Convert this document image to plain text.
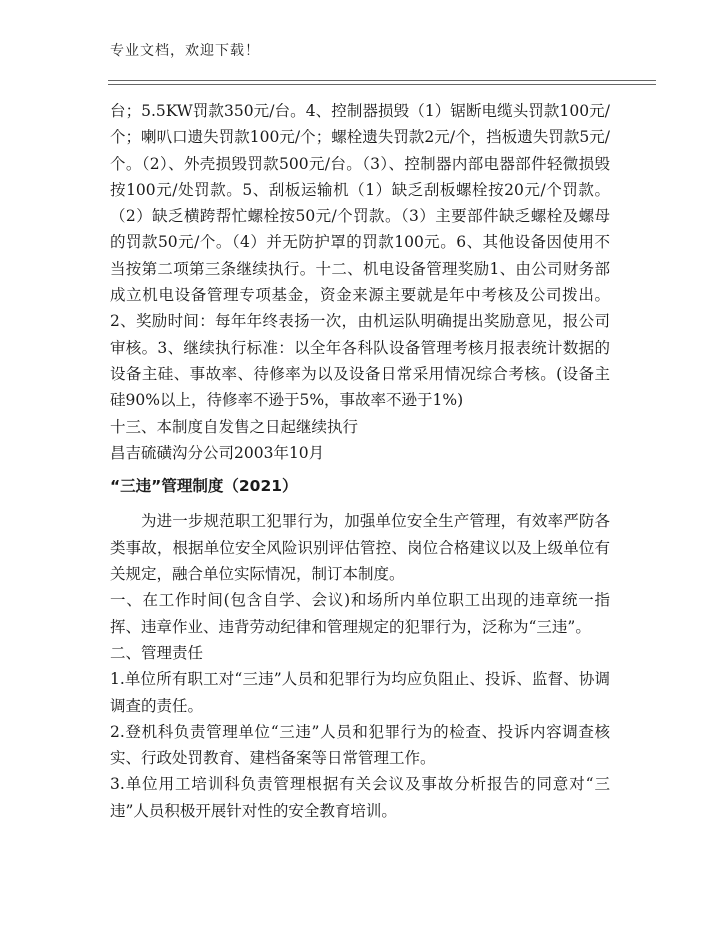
专业文档，欢迎下载！

台；5.5KW罚款350元/台。4、控制器损毁（1）锯断电缆头罚款100元/个；喇叭口遗失罚款100元/个；螺栓遗失罚款2元/个，挡板遗失罚款5元/个。（2）、外壳损毁罚款500元/台。（3）、控制器内部电器部件轻微损毁按100元/处罚款。5、刮板运输机（1）缺乏刮板螺栓按20元/个罚款。（2）缺乏横跨帮忙螺栓按50元/个罚款。（3）主要部件缺乏螺栓及螺母的罚款50元/个。（4）并无防护罩的罚款100元。6、其他设备因使用不当按第二项第三条继续执行。十二、机电设备管理奖励1、由公司财务部成立机电设备管理专项基金，资金来源主要就是年中考核及公司拨出。2、奖励时间：每年年终表扬一次，由机运队明确提出奖励意见，报公司审核。3、继续执行标准：以全年各科队设备管理考核月报表统计数据的设备主硅、事故率、待修率为以及设备日常采用情况综合考核。(设备主硅90%以上，待修率不逊于5%，事故率不逊于1%)

十三、本制度自发售之日起继续执行

昌吉硫磺沟分公司2003年10月

“三违”管理制度（2021）

为进一步规范职工犯罪行为，加强单位安全生产管理，有效率严防各类事故，根据单位安全风险识别评估管控、岗位合格建议以及上级单位有关规定，融合单位实际情况，制订本制度。

一、在工作时间(包含自学、会议)和场所内单位职工出现的违章统一指挥、违章作业、违背劳动纪律和管理规定的犯罪行为，泛称为“三违”。

二、管理责任

1.单位所有职工对“三违”人员和犯罪行为均应负阻止、投诉、监督、协调调查的责任。

2.登机科负责管理单位“三违”人员和犯罪行为的检查、投诉内容调查核实、行政处罚教育、建档备案等日常管理工作。

3.单位用工培训科负责管理根据有关会议及事故分析报告的同意对“三违”人员积极开展针对性的安全教育培训。
